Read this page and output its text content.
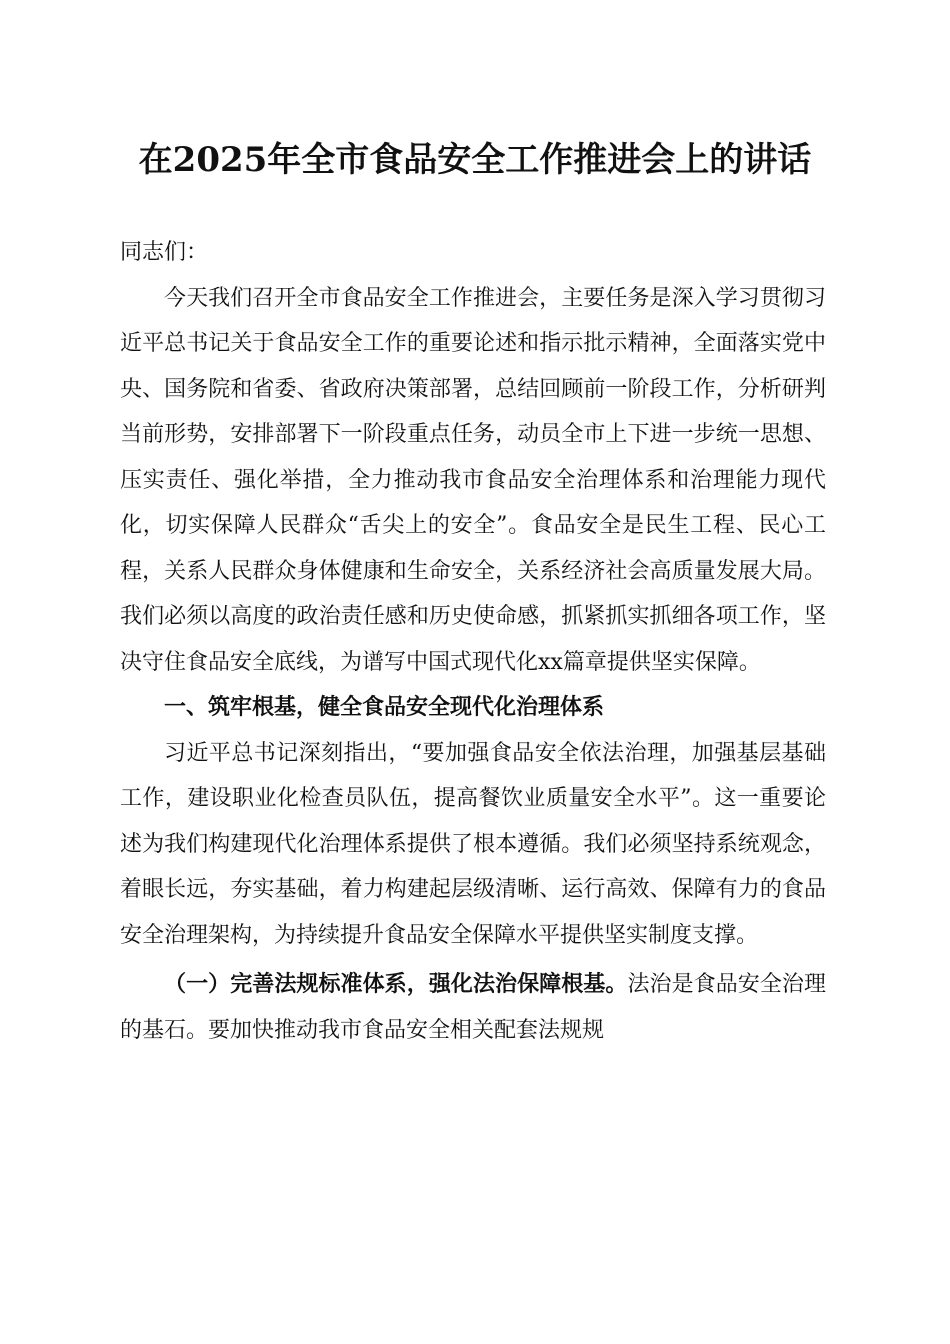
在2025年全市食品安全工作推进会上的讲话

同志们：

今天我们召开全市食品安全工作推进会，主要任务是深入学习贯彻习近平总书记关于食品安全工作的重要论述和指示批示精神，全面落实党中央、国务院和省委、省政府决策部署，总结回顾前一阶段工作，分析研判当前形势，安排部署下一阶段重点任务，动员全市上下进一步统一思想、压实责任、强化举措，全力推动我市食品安全治理体系和治理能力现代化，切实保障人民群众“舌尖上的安全”。食品安全是民生工程、民心工程，关系人民群众身体健康和生命安全，关系经济社会高质量发展大局。我们必须以高度的政治责任感和历史使命感，抓紧抓实抓细各项工作，坚决守住食品安全底线，为谱写中国式现代化xx篇章提供坚实保障。

一、筑牢根基，健全食品安全现代化治理体系

习近平总书记深刻指出，“要加强食品安全依法治理，加强基层基础工作，建设职业化检查员队伍，提高餐饮业质量安全水平”。这一重要论述为我们构建现代化治理体系提供了根本遵循。我们必须坚持系统观念，着眼长远，夯实基础，着力构建起层级清晰、运行高效、保障有力的食品安全治理架构，为持续提升食品安全保障水平提供坚实制度支撑。

（一）完善法规标准体系，强化法治保障根基。法治是食品安全治理的基石。要加快推动我市食品安全相关配套法规规
